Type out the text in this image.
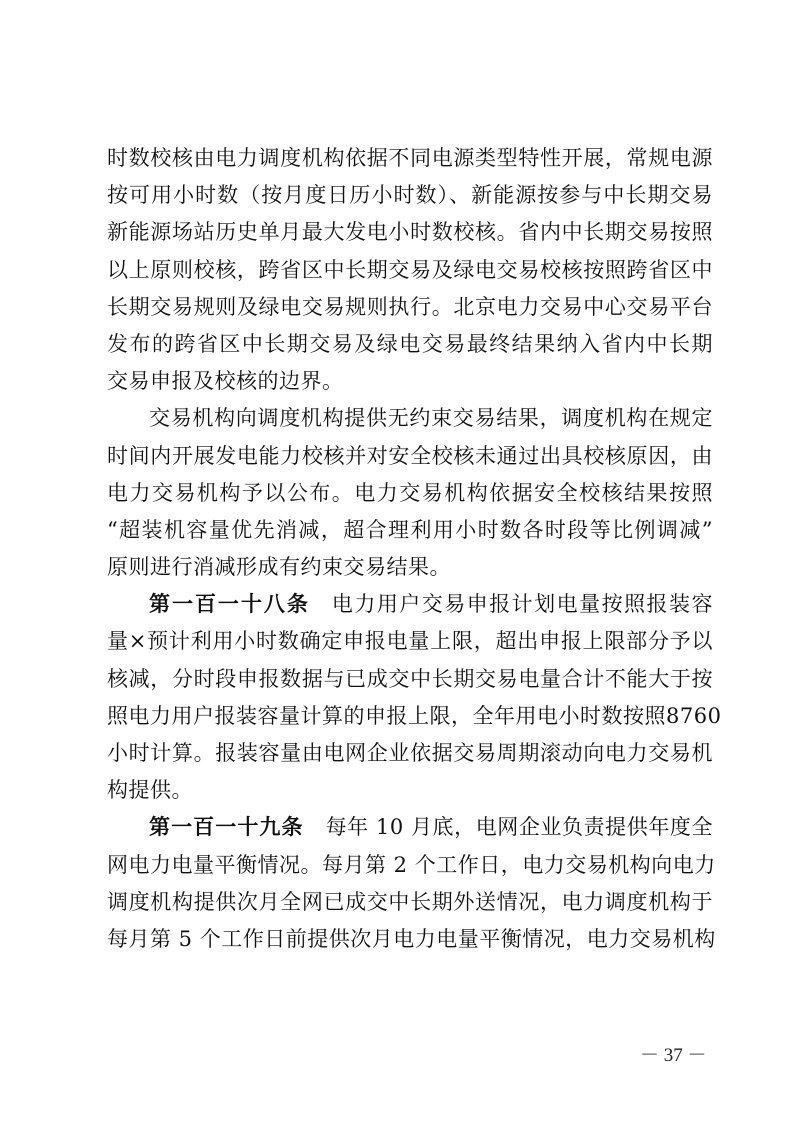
时数校核由电力调度机构依据不同电源类型特性开展，常规电源
按可用小时数（按月度日历小时数）、新能源按参与中长期交易
新能源场站历史单月最大发电小时数校核。省内中长期交易按照
以上原则校核，跨省区中长期交易及绿电交易校核按照跨省区中
长期交易规则及绿电交易规则执行。北京电力交易中心交易平台
发布的跨省区中长期交易及绿电交易最终结果纳入省内中长期
交易申报及校核的边界。
交易机构向调度机构提供无约束交易结果，调度机构在规定
时间内开展发电能力校核并对安全校核未通过出具校核原因，由
电力交易机构予以公布。电力交易机构依据安全校核结果按照
“超装机容量优先消减，超合理利用小时数各时段等比例调减”
原则进行消减形成有约束交易结果。
第一百一十八条 电力用户交易申报计划电量按照报装容
量×预计利用小时数确定申报电量上限，超出申报上限部分予以
核减，分时段申报数据与已成交中长期交易电量合计不能大于按
照电力用户报装容量计算的申报上限，全年用电小时数按照8760
小时计算。报装容量由电网企业依据交易周期滚动向电力交易机
构提供。
第一百一十九条 每年 10 月底，电网企业负责提供年度全
网电力电量平衡情况。每月第 2 个工作日，电力交易机构向电力
调度机构提供次月全网已成交中长期外送情况，电力调度机构于
每月第 5 个工作日前提供次月电力电量平衡情况，电力交易机构
－ 37 －
